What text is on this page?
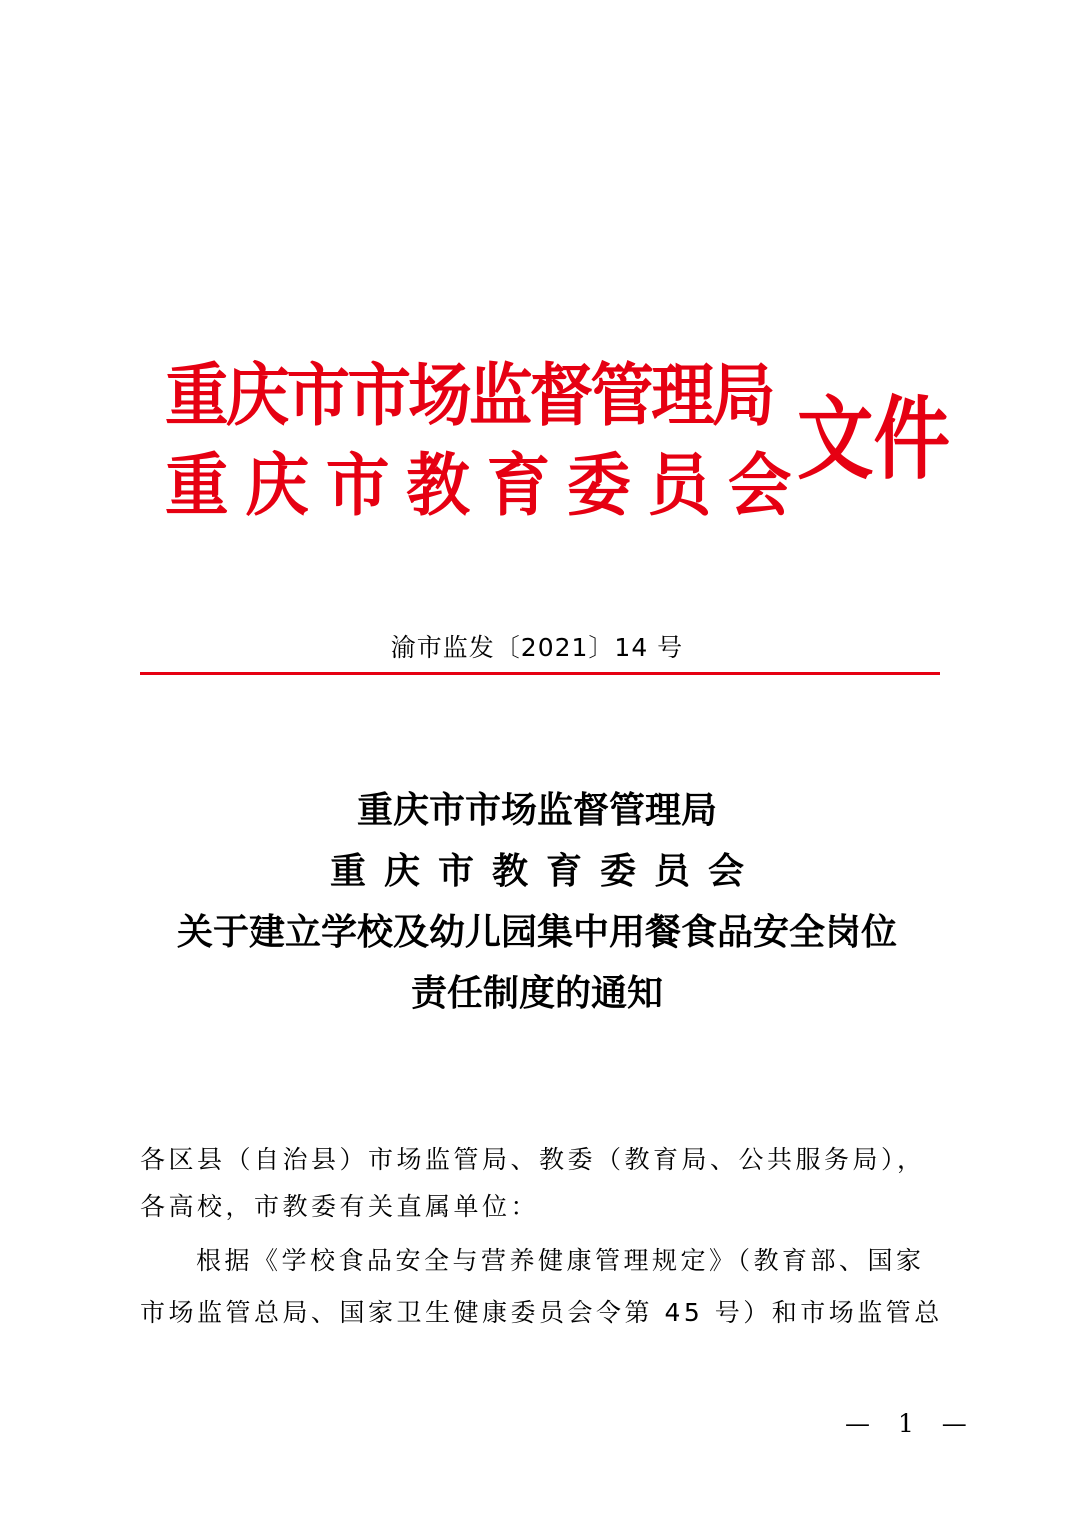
重庆市市场监督管理局
重庆市教育委员会
文件
渝市监发〔2021〕14 号
重庆市市场监督管理局
重庆市教育委员会
关于建立学校及幼儿园集中用餐食品安全岗位
责任制度的通知
各区县（自治县）市场监管局、教委（教育局、公共服务局），
各高校，市教委有关直属单位：
根据《学校食品安全与营养健康管理规定》（教育部、国家
市场监管总局、国家卫生健康委员会令第 45 号）和市场监管总
— 1 —
